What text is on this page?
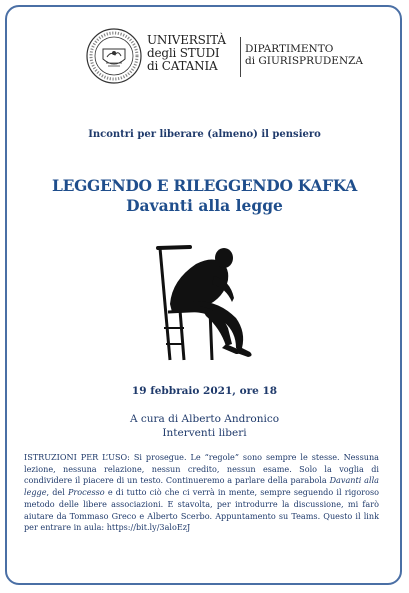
UNIVERSITÀ
degli STUDI
di CATANIA
DIPARTIMENTO
di GIURISPRUDENZA
Incontri per liberare (almeno) il pensiero
LEGGENDO E RILEGGENDO KAFKA
Davanti alla legge
19 febbraio 2021, ore 18
A cura di Alberto Andronico
Interventi liberi

ISTRUZIONI PER L’USO: Si prosegue. Le “regole” sono sempre le stesse. Nessuna lezione, nessuna relazione, nessun credito, nessun esame. Solo la voglia di condividere il piacere di un testo. Continueremo a parlare della parabola Davanti alla legge, del Processo e di tutto ciò che ci verrà in mente, sempre seguendo il rigoroso metodo delle libere associazioni. E stavolta, per introdurre la discussione, mi farò aiutare da Tommaso Greco e Alberto Scerbo. Appuntamento su Teams. Questo il link per entrare in aula: https://bit.ly/3aloEzJ
